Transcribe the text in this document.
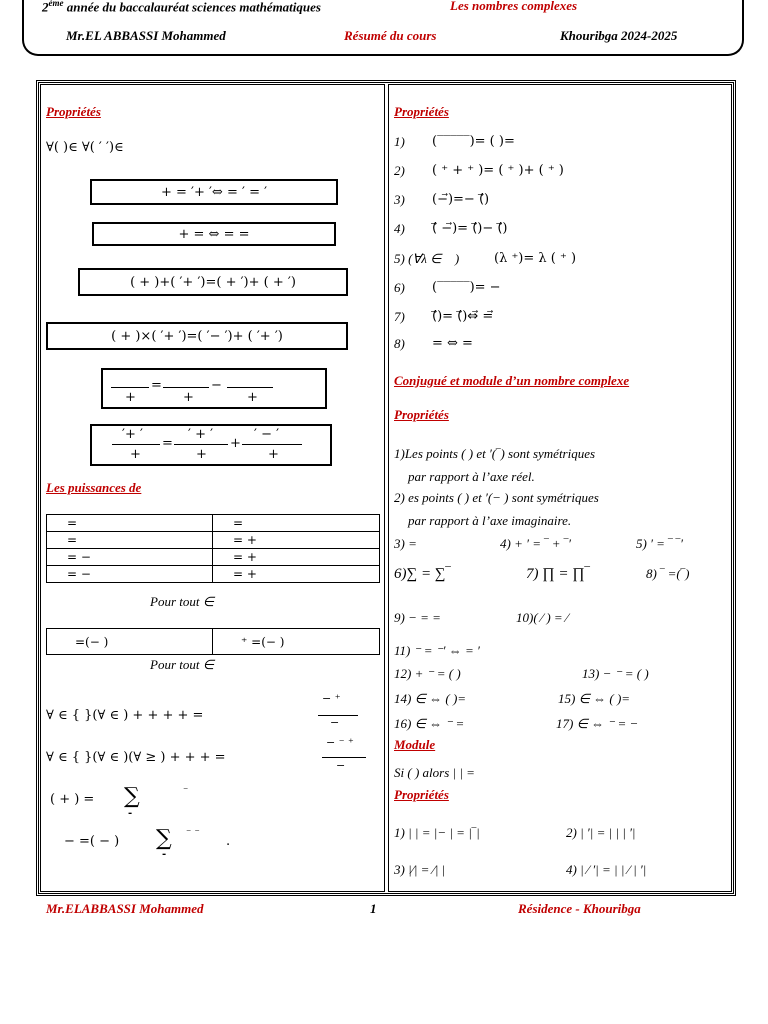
2ème année du baccalauréat sciences mathématiques	Les nombres complexes
Mr.EL ABBASSI Mohammed	Résumé du cours	Khouribga 2024-2025
Propriétés
∀( )∈ ∀( ′ ′)∈
+ = ′+ ′⇔ = ′ = ′
+ = ⇔ = =
( + )+( ′+ ′)=( + ′)+ ( + ′)
( + )×( ′+ ′)=( ′− ′)+ ( ′+ ′)
=	−
+	+	+
′+ ′
=
′ + ′
+
′ − ′
+	+	+
Les puissances de
=	=
=	= +
= −	= +
= −	= +
Pour tout ∈
=(− )	⁺ =(− )
Pour tout ∈
∀ ∈ { }(∀ ∈ ) + + + + =
− ⁺
−
∀ ∈ { }(∀ ∈ )(∀ ≥ ) + + + =
− ⁻ ⁺
−
( + ) = ∑	⁻
-
− =( − ) ∑ ⁻ ⁻
.
-
Propriétés
1) (‾‾‾‾‾)= ( )=
2) ( ⁺ + ⁺ )= ( ⁺ )+ ( ⁺ )
3) (−⃗)=− (⃗)
4) (⃗ −⃗)= (⃗)− (⃗)
5) (∀λ ∈ ⃞)	(λ ⁺)= λ ( ⁺ )
6) (‾‾‾‾‾)= −
7) (⃗)= (⃗)⇔⃗ =⃗
8) = ⇔ =
Conjugué et module d’un nombre complexe
Propriétés
1)Les points ( ) et ′(‾) sont symétriques
par rapport à l’axe réel.
2) es points ( ) et ′(− ) sont symétriques
par rapport à l’axe imaginaire.
3) =	4) + ′ = ‾ + ‾′	5) ′ = ‾ ‾′
6)∑ = ∑‾	7) ∏ = ∏‾	8) ‾ =(‾)
9) − = =	10)( ⁄ ) = ⁄
11) ⁻ = ⁻′ ⇔ = ′
12) + ⁻ = ( )	13) − ⁻ = ( )
14) ∈ ⇔ ( )=	15) ∈ ⇔ ( )=
16) ∈ ⇔ ⁻ =	17) ∈ ⇔ ⁻ = −
Module
Si ( ) alors | | =
Propriétés
1) | | = |− | = |‾|	2) | ′| = | | | ′|
3) |⁄| = ⁄| |	4) | ⁄ ′| = | | ⁄ | ′|
Mr.ELABBASSI Mohammed	1	Résidence - Khouribga
